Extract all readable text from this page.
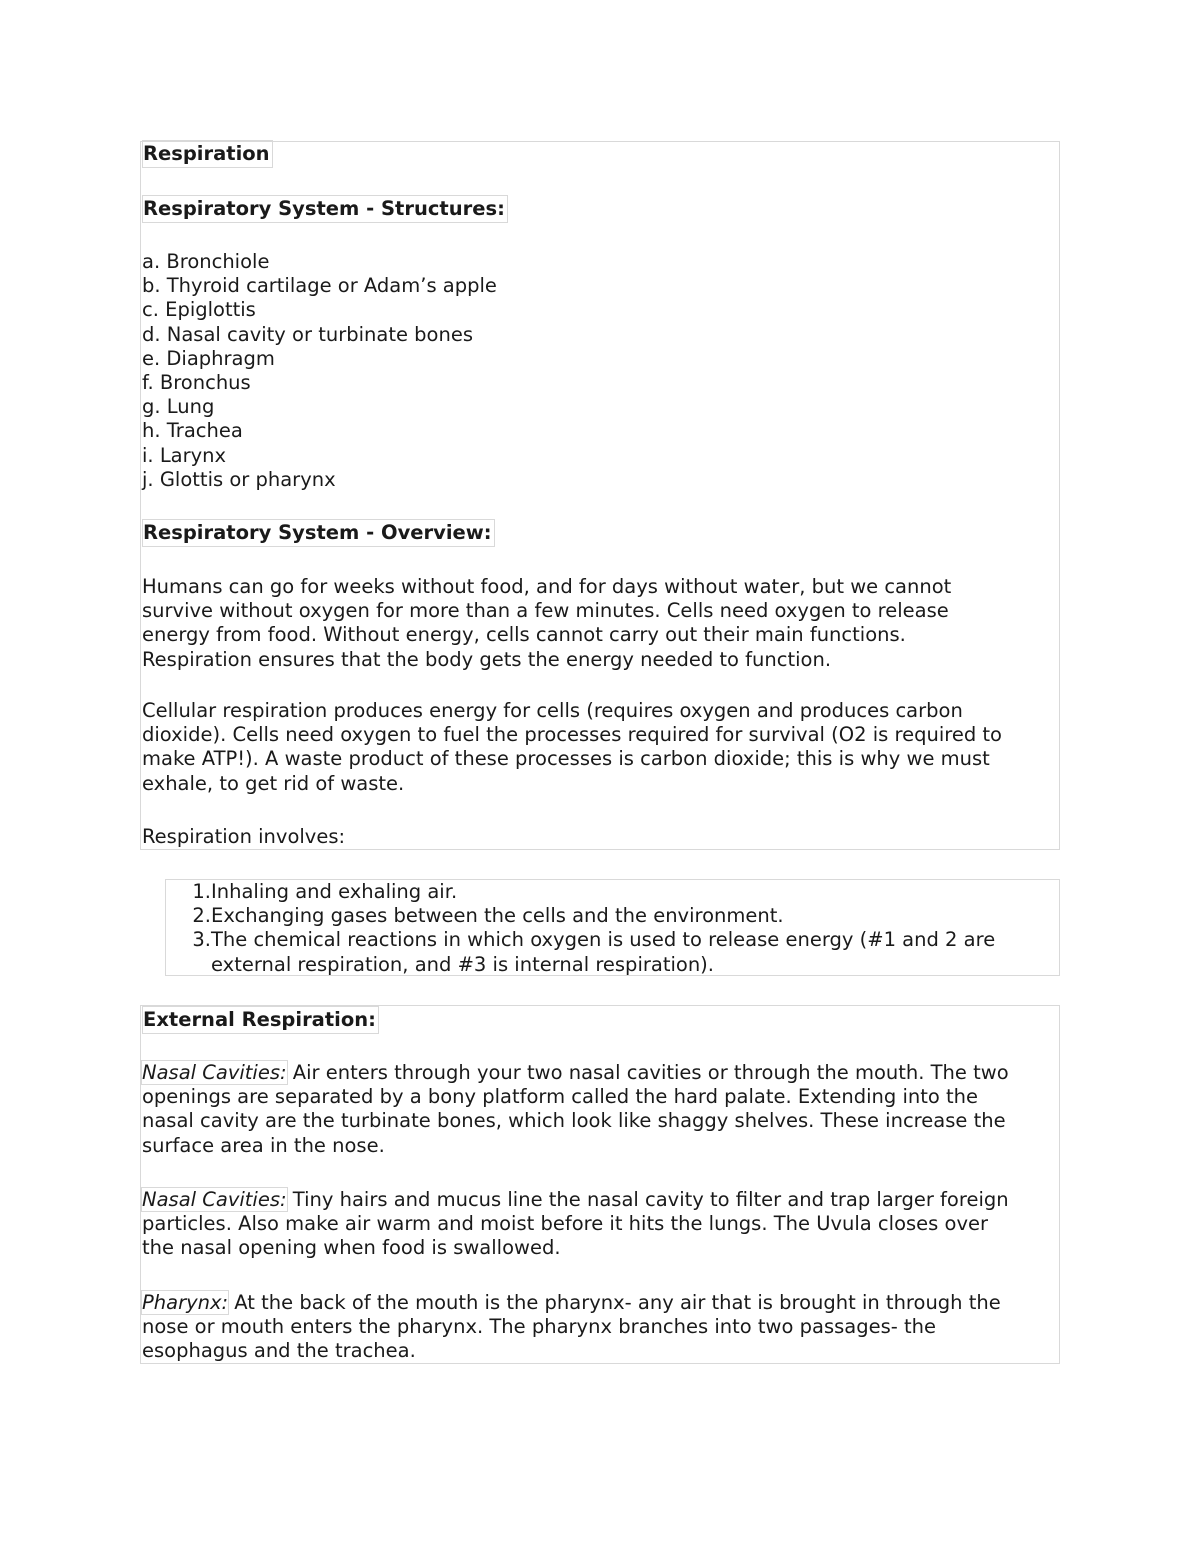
Respiration
Respiratory System - Structures:
a. Bronchiole
b. Thyroid cartilage or Adam’s apple
c. Epiglottis
d. Nasal cavity or turbinate bones
e. Diaphragm
f. Bronchus
g. Lung
h. Trachea
i. Larynx
j. Glottis or pharynx
Respiratory System - Overview:
Humans can go for weeks without food, and for days without water, but we cannot
survive without oxygen for more than a few minutes. Cells need oxygen to release
energy from food. Without energy, cells cannot carry out their main functions.
Respiration ensures that the body gets the energy needed to function.
Cellular respiration produces energy for cells (requires oxygen and produces carbon
dioxide). Cells need oxygen to fuel the processes required for survival (O2 is required to
make ATP!). A waste product of these processes is carbon dioxide; this is why we must
exhale, to get rid of waste.
Respiration involves:
1. Inhaling and exhaling air.
2. Exchanging gases between the cells and the environment.
3. The chemical reactions in which oxygen is used to release energy (#1 and 2 are
external respiration, and #3 is internal respiration).
External Respiration:
Nasal Cavities: Air enters through your two nasal cavities or through the mouth. The two
openings are separated by a bony platform called the hard palate. Extending into the
nasal cavity are the turbinate bones, which look like shaggy shelves. These increase the
surface area in the nose.
Nasal Cavities: Tiny hairs and mucus line the nasal cavity to filter and trap larger foreign
particles. Also make air warm and moist before it hits the lungs. The Uvula closes over
the nasal opening when food is swallowed.
Pharynx: At the back of the mouth is the pharynx- any air that is brought in through the
nose or mouth enters the pharynx. The pharynx branches into two passages- the
esophagus and the trachea.
